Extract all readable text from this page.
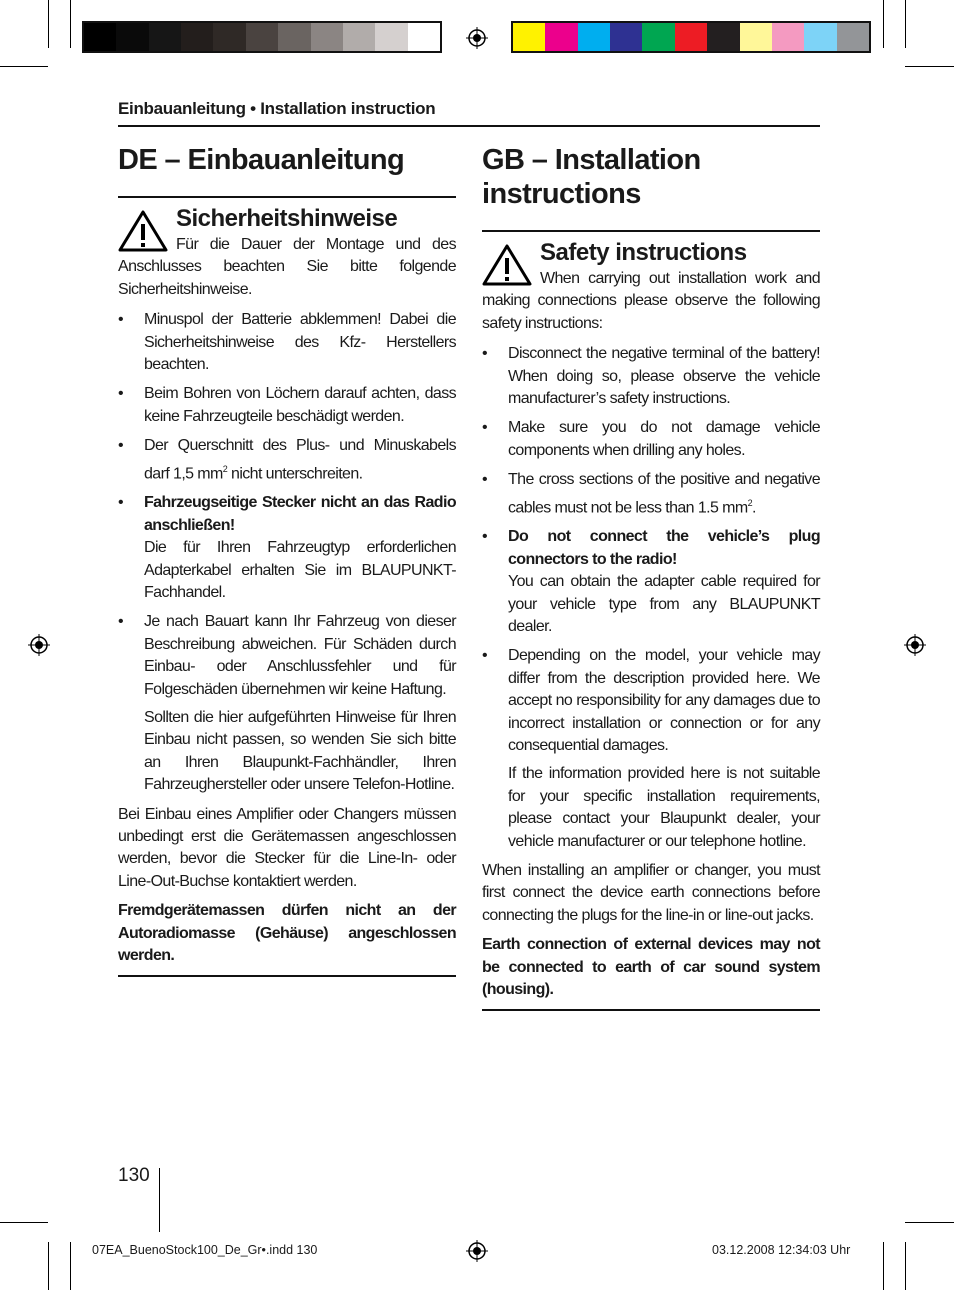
Einbauanleitung • Installation instruction
DE – Einbauanleitung
Sicherheitshinweise

Für die Dauer der Montage und des Anschlusses beachten Sie bitte folgende Sicherheitshinweise.

• Minuspol der Batterie abklemmen! Dabei die Sicherheitshinweise des Kfz- Herstellers beachten.
• Beim Bohren von Löchern darauf achten, dass keine Fahrzeugteile beschädigt werden.
• Der Querschnitt des Plus- und Minuskabels darf 1,5 $mm^2$ nicht unterschreiten.
• Fahrzeugseitige Stecker nicht an das Radio anschließen!
Die für Ihren Fahrzeugtyp erforderlichen Adapterkabel erhalten Sie im BLAUPUNKT-Fachhandel.

• Je nach Bauart kann Ihr Fahrzeug von dieser Beschreibung abweichen. Für Schäden durch Einbau- oder Anschlussfehler und für Folgeschäden übernehmen wir keine Haftung.

Sollten die hier aufgeführten Hinweise für Ihren Einbau nicht passen, so wenden Sie sich bitte an Ihren Blaupunkt-Fachhändler, Ihren Fahrzeughersteller oder unsere Telefon-Hotline.

Bei Einbau eines Amplifier oder Changers müssen unbedingt erst die Gerätemassen angeschlossen werden, bevor die Stecker für die Line-In- oder Line-Out-Buchse kontaktiert werden.

Fremdgerätemassen dürfen nicht an der Autoradiomasse (Gehäuse) angeschlossen werden.

GB – Installation instructions
Safety instructions

When carrying out installation work and making connections please observe the following safety instructions:

• Disconnect the negative terminal of the battery! When doing so, please observe the vehicle manufacturer’s safety instructions.
• Make sure you do not damage vehicle components when drilling any holes.
• The cross sections of the positive and negative cables must not be less than 1.5 $mm^2$.
• Do not connect the vehicle’s plug connectors to the radio!
You can obtain the adapter cable required for your vehicle type from any BLAUPUNKT dealer.

• Depending on the model, your vehicle may differ from the description provided here. We accept no responsibility for any damages due to incorrect installation or connection or for any consequential damages.

If the information provided here is not suitable for your specific installation requirements, please contact your Blaupunkt dealer, your vehicle manufacturer or our telephone hotline.

When installing an amplifier or changer, you must first connect the device earth connections before connecting the plugs for the line-in or line-out jacks.

Earth connection of external devices may not be connected to earth of car sound system (housing).

130
07EA_BuenoStock100_De_Gr•.indd 130	03.12.2008 12:34:03 Uhr
